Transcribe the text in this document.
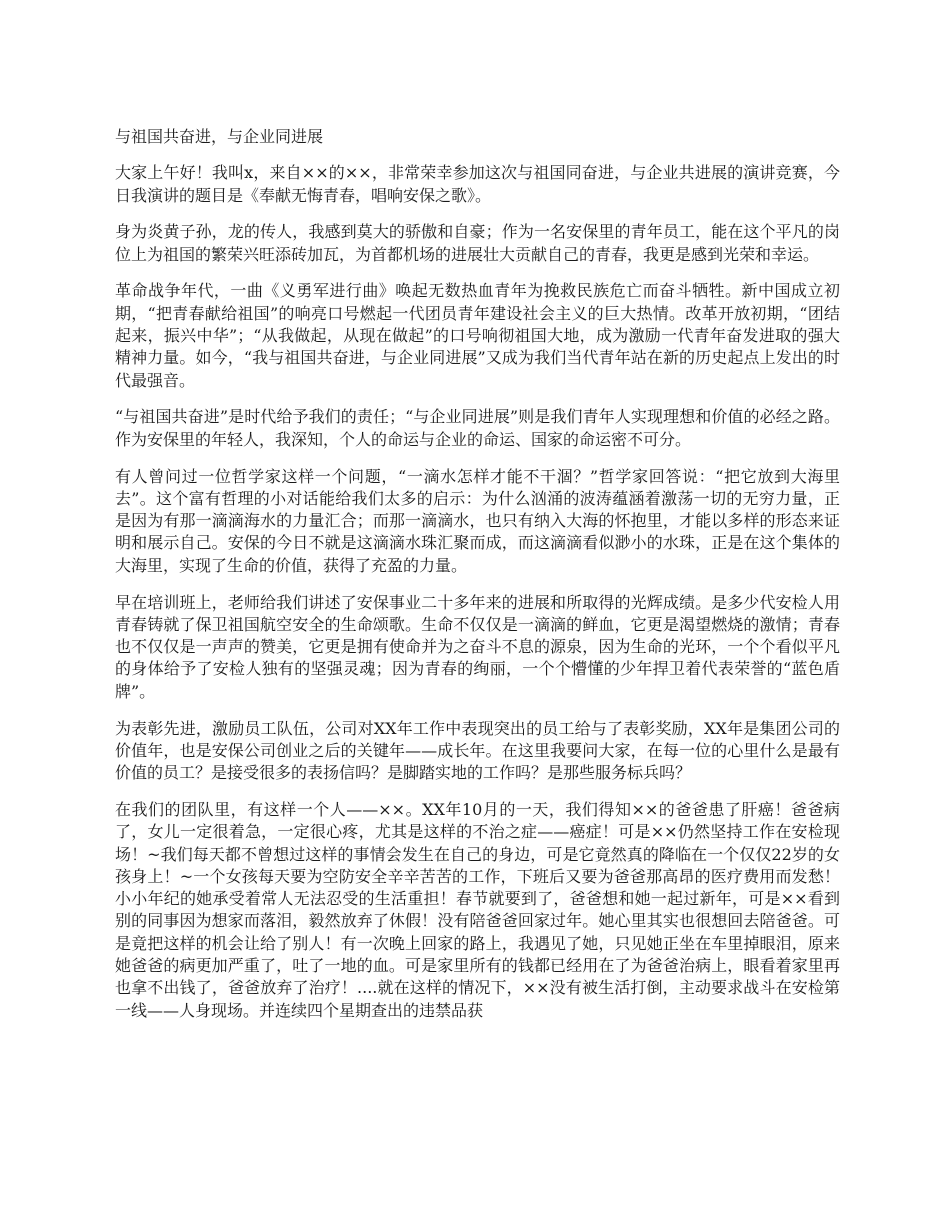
与祖国共奋进，与企业同进展

大家上午好！我叫x，来自××的××，非常荣幸参加这次与祖国同奋进，与企业共进展的演讲竞赛，今日我演讲的题目是《奉献无悔青春，唱响安保之歌》。

身为炎黄子孙，龙的传人，我感到莫大的骄傲和自豪；作为一名安保里的青年员工，能在这个平凡的岗位上为祖国的繁荣兴旺添砖加瓦，为首都机场的进展壮大贡献自己的青春，我更是感到光荣和幸运。

革命战争年代，一曲《义勇军进行曲》唤起无数热血青年为挽救民族危亡而奋斗牺牲。新中国成立初期，“把青春献给祖国”的响亮口号燃起一代团员青年建设社会主义的巨大热情。改革开放初期，“团结起来，振兴中华”；“从我做起，从现在做起”的口号响彻祖国大地，成为激励一代青年奋发进取的强大精神力量。如今，“我与祖国共奋进，与企业同进展”又成为我们当代青年站在新的历史起点上发出的时代最强音。

“与祖国共奋进”是时代给予我们的责任；“与企业同进展”则是我们青年人实现理想和价值的必经之路。作为安保里的年轻人，我深知，个人的命运与企业的命运、国家的命运密不可分。

有人曾问过一位哲学家这样一个问题，“一滴水怎样才能不干涸？”哲学家回答说：“把它放到大海里去”。这个富有哲理的小对话能给我们太多的启示：为什么汹涌的波涛蕴涵着激荡一切的无穷力量，正是因为有那一滴滴海水的力量汇合；而那一滴滴水，也只有纳入大海的怀抱里，才能以多样的形态来证明和展示自己。安保的今日不就是这滴滴水珠汇聚而成，而这滴滴看似渺小的水珠，正是在这个集体的大海里，实现了生命的价值，获得了充盈的力量。

早在培训班上，老师给我们讲述了安保事业二十多年来的进展和所取得的光辉成绩。是多少代安检人用青春铸就了保卫祖国航空安全的生命颂歌。生命不仅仅是一滴滴的鲜血，它更是渴望燃烧的激情；青春也不仅仅是一声声的赞美，它更是拥有使命并为之奋斗不息的源泉，因为生命的光环，一个个看似平凡的身体给予了安检人独有的坚强灵魂；因为青春的绚丽，一个个懵懂的少年捍卫着代表荣誉的“蓝色盾牌”。

为表彰先进，激励员工队伍，公司对XX年工作中表现突出的员工给与了表彰奖励，XX年是集团公司的价值年，也是安保公司创业之后的关键年——成长年。在这里我要问大家，在每一位的心里什么是最有价值的员工？是接受很多的表扬信吗？是脚踏实地的工作吗？是那些服务标兵吗？

在我们的团队里，有这样一个人——××。XX年10月的一天，我们得知××的爸爸患了肝癌！爸爸病了，女儿一定很着急，一定很心疼，尤其是这样的不治之症——癌症！可是××仍然坚持工作在安检现场！~我们每天都不曾想过这样的事情会发生在自己的身边，可是它竟然真的降临在一个仅仅22岁的女孩身上！~一个女孩每天要为空防安全辛辛苦苦的工作，下班后又要为爸爸那高昂的医疗费用而发愁！小小年纪的她承受着常人无法忍受的生活重担！春节就要到了，爸爸想和她一起过新年，可是××看到别的同事因为想家而落泪，毅然放弃了休假！没有陪爸爸回家过年。她心里其实也很想回去陪爸爸。可是竟把这样的机会让给了别人！有一次晚上回家的路上，我遇见了她，只见她正坐在车里掉眼泪，原来她爸爸的病更加严重了，吐了一地的血。可是家里所有的钱都已经用在了为爸爸治病上，眼看着家里再也拿不出钱了，爸爸放弃了治疗！....就在这样的情况下，××没有被生活打倒，主动要求战斗在安检第一线——人身现场。并连续四个星期查出的违禁品获
